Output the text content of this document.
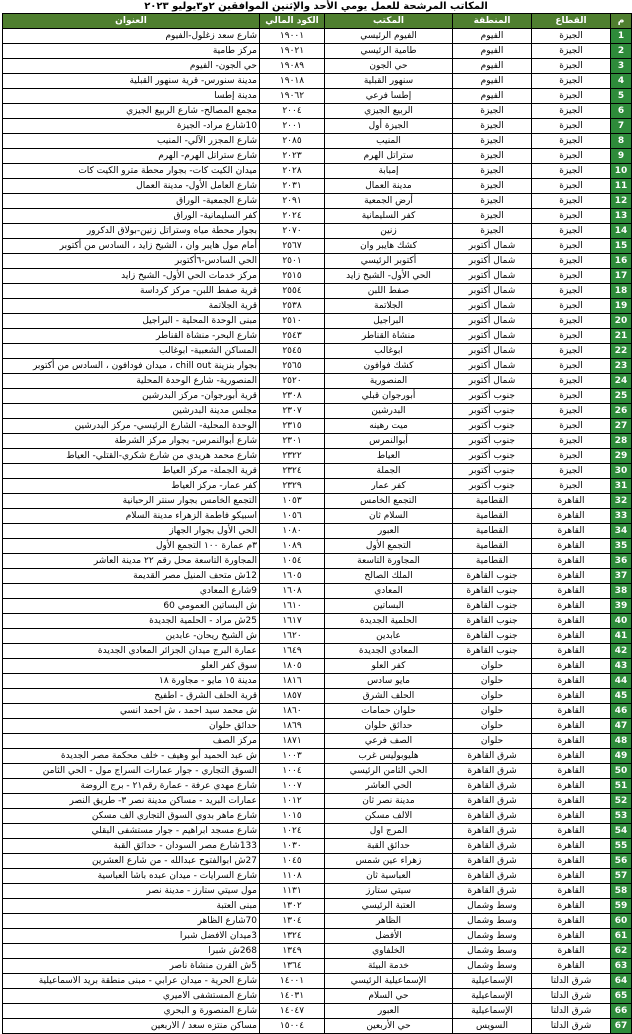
المكاتب المرشحة للعمل يومي الأحد والإثنين الموافقين ٢و٣يوليو ٢٠٢٣
م	القطاع	المنطقة	المكتب	الكود المالي	العنوان
1	الجيزة	الفيوم	الفيوم الرئيسي	١٩٠٠١	شارع سعد زغلول-الفيوم
2	الجيزة	الفيوم	طامية الرئيسي	١٩٠٢١	مركز طامية
3	الجيزة	الفيوم	حي الجون	١٩٠٨٩	حي الجون- الفيوم
4	الجيزة	الفيوم	سنهور القبلية	١٩٠١٨	مدينة سنورس- قرية سنهور القبلية
5	الجيزة	الفيوم	إطسا فرعي	١٩٠٦٢	مدينة إطسا
6	الجيزة	الجيزة	الربيع الجيزي	٢٠٠٤	مجمع المصالح- شارع الربيع الجيزي
7	الجيزة	الجيزة	الجيزة أول	٢٠٠١	10شارع مراد- الجيزة
8	الجيزة	الجيزة	المنيب	٢٠٨٥	شارع المجزر الآلي- المنيب
9	الجيزة	الجيزة	ستراتل الهرم	٢٠٢٣	شارع ستراتل الهرم- الهرم
10	الجيزة	الجيزة	إمبابة	٢٠٢٨	ميدان الكيت كات- بجوار محطة مترو الكيت كات
11	الجيزة	الجيزة	مدينة العمال	٢٠٣١	شارع العامل الأول- مدينة العمال
12	الجيزة	الجيزة	أرض الجمعية	٢٠٩١	شارع الجمعية- الوراق
13	الجيزة	الجيزة	كفر السليمانية	٢٠٢٤	كفر السليمانية- الوراق
14	الجيزة	الجيزة	زنين	٢٠٧٠	بجوار محطة مياه وستراتل زنين-بولاق الدكرور
15	الجيزة	شمال أكتوبر	كشك هايبر وان	٢٥٦٧	أمام مول هايبر وان ، الشيخ زايد ، السادس من أكتوبر
16	الجيزة	شمال أكتوبر	أكتوبر الرئيسي	٢٥٠١	الحي السادس-٦أكتوبر
17	الجيزة	شمال أكتوبر	الحي الأول- الشيخ زايد	٢٥١٥	مركز خدمات الحي الأول- الشيخ زايد
18	الجيزة	شمال أكتوبر	صفط اللبن	٢٥٥٤	قرية صفط اللبن- مركز كرداسة
19	الجيزة	شمال أكتوبر	الجلاتمة	٢٥٣٨	قرية الجلاتمة
20	الجيزة	شمال أكتوبر	البراجيل	٢٥١٠	مبنى الوحدة المحلية - البراجيل
21	الجيزة	شمال أكتوبر	منشاة القناطر	٢٥٤٣	شارع البحر- منشاة القناطر
22	الجيزة	شمال أكتوبر	ابوغالب	٢٥٤٥	المساكن الشعبية- ابوغالب
23	الجيزة	شمال أكتوبر	كشك فوافون	٢٥٦٥	بجوار بنزينة chill out ، ميدان فودافون ، السادس من أكتوبر
24	الجيزة	شمال أكتوبر	المنصورية	٢٥٢٠	المنصورية- شارع الوحدة المحلية
25	الجيزة	جنوب أكتوبر	أبورجوان قبلي	٢٣٠٨	قرية أبورجوان- مركز البدرشين
26	الجيزة	جنوب أكتوبر	البدرشين	٢٣٠٧	مجلس مدينة البدرشين
27	الجيزة	جنوب أكتوبر	ميت رهينه	٢٣١٥	الوحدة المحلية- الشارع الرئيسي- مركز البدرشين
28	الجيزة	جنوب أكتوبر	أبوالنمرس	٢٣٠١	شارع أبوالنمرس- بجوار مركز الشرطة
29	الجيزة	جنوب أكتوبر	العياط	٢٣٢٢	شارع محمد هريدي من شارع شكري-القتلي- العياط
30	الجيزة	جنوب أكتوبر	الجملة	٢٣٢٤	قرية الجملة- مركز العياط
31	الجيزة	جنوب أكتوبر	كفر عمار	٢٣٢٩	كفر عمار- مركز العياط
32	القاهرة	القطامية	التجمع الخامس	١٠٥٣	التجمع الخامس بجوار سنتر الرحبانية
33	القاهرة	القطامية	السلام ثان	١٠٥٦	اسبيكو فاطمة الزهراء مدينة السلام
34	القاهرة	القطامية	العبور	١٠٨٠	الحي الأول بجوار الجهاز
35	القاهرة	القطامية	التجمع الأول	١٠٨٩	٣م عمارة ١٠٠ التجمع الأول
36	القاهرة	القطامية	المجاورة التاسعة	١٠٥٤	المجاورة التاسعة محل رقم ٢٢ مدينة العاشر
37	القاهرة	جنوب القاهرة	الملك الصالح	١٦٠٥	12ش متحف المنيل مصر القديمة
38	القاهرة	جنوب القاهرة	المعادي	١٦٠٨	9شارع المعادي
39	القاهرة	جنوب القاهرة	البساتين	١٦١٠	ش البساتين العمومي 60
40	القاهرة	جنوب القاهرة	الحلمية الجديدة	١٦١٧	25ش مراد - الحلمية الجديدة
41	القاهرة	جنوب القاهرة	عابدين	١٦٢٠	ش الشيخ ريحان- عابدين
42	القاهرة	جنوب القاهرة	المعادي الجديدة	١٦٤٩	عمارة البرج ميدان الجزائر المعادي الجديدة
43	القاهرة	حلوان	كفر العلو	١٨٠٥	سوق كفر العلو
44	القاهرة	حلوان	مايو سادس	١٨١٦	مدينة ١٥ مايو - مجاورة ١٨
45	القاهرة	حلوان	الحلف الشرق	١٨٥٧	قرية الحلف الشرق - اطفيح
46	القاهرة	حلوان	حلوان حمامات	١٨٦٠	ش محمد سيد احمد ، ش احمد انسي
47	القاهرة	حلوان	حدائق حلوان	١٨٦٩	حدائق حلوان
48	القاهرة	حلوان	الصف فرعي	١٨٧١	مركز الصف
49	القاهرة	شرق القاهرة	هليوبوليس غرب	١٠٠٣	ش عبد الحميد أبو وهيف - خلف محكمة مصر الجديدة
50	القاهرة	شرق القاهرة	الحي الثامن الرئيسي	١٠٠٤	السوق التجاري - جوار عمارات السراج مول - الحي الثامن
51	القاهرة	شرق القاهرة	الحي العاشر	١٠٠٧	شارع مهدي عرفة - عمارة رقم٢١ - برج الروضة
52	القاهرة	شرق القاهرة	مدينة نصر ثان	١٠١٢	عمارات البريد - مساكن مدينة نصر ٣- طريق النصر
53	القاهرة	شرق القاهرة	الالف مسكن	١٠١٥	شارع ماهر بدوي السوق التجاري الف مسكن
54	القاهرة	شرق القاهرة	المرج اول	١٠٢٤	شارع مسجد ابراهيم - جوار مستشفى البقلي
55	القاهرة	شرق القاهرة	حدائق القبة	١٠٣٠	133شارع مصر السودان - حدائق القبة
56	القاهرة	شرق القاهرة	زهراء عين شمس	١٠٤٥	27ش ابوالفتوح عبدالله - من شارع العشرين
57	القاهرة	شرق القاهرة	العباسية ثان	١١٠٨	شارع السرايات - ميدان عبده باشا العباسية
58	القاهرة	شرق القاهرة	سيتي ستارز	١١٣١	مول سيتي ستارز - مدينة نصر
59	القاهرة	وسط وشمال	العتبة الرئيسي	١٣٠٢	مبنى العتبة
60	القاهرة	وسط وشمال	الظاهر	١٣٠٤	70شارع الظاهر
61	القاهرة	وسط وشمال	الأفضل	١٣٢٤	3ميدان الافضل شبرا
62	القاهرة	وسط وشمال	الخلفاوي	١٣٤٩	268ش شبرا
63	القاهرة	وسط وشمال	خدمة البيئة	١٣٦٤	5ش القرن منشاة ناصر
64	شرق الدلتا	الإسماعيلية	الإسماعيلية الرئيسي	١٤٠٠١	شارع الحرية - ميدان عرابي - مبنى منطقة بريد الاسماعيلية
65	شرق الدلتا	الإسماعيلية	حي السلام	١٤٠٣١	شارع المستشفى الاميري
66	شرق الدلتا	الإسماعيلية	العبور	١٤٠٤٧	شارع المنصورة و البحري
67	شرق الدلتا	السويس	حي الأربعين	١٥٠٠٤	مساكن منتزه سعد / الاربعين
